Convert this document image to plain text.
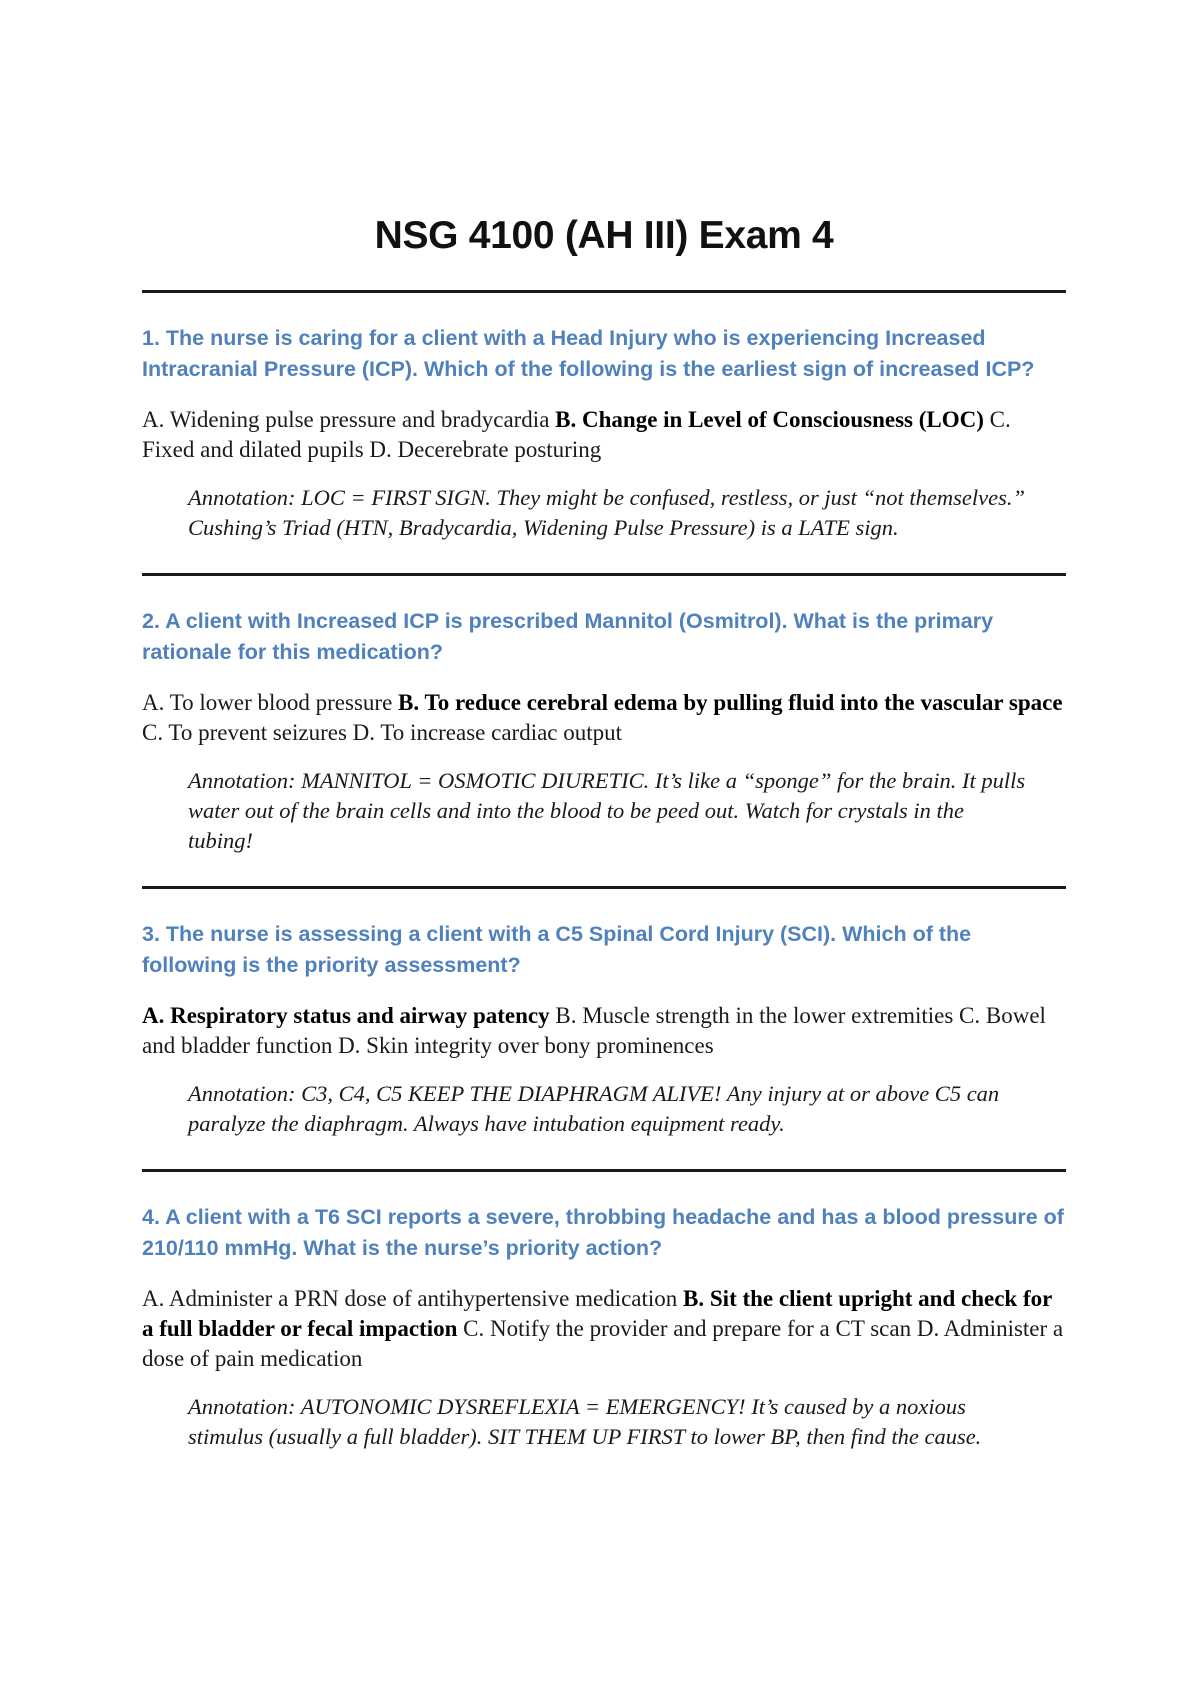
NSG 4100 (AH III) Exam 4

1. The nurse is caring for a client with a Head Injury who is experiencing Increased Intracranial Pressure (ICP). Which of the following is the earliest sign of increased ICP?

A. Widening pulse pressure and bradycardia B. Change in Level of Consciousness (LOC) C. Fixed and dilated pupils D. Decerebrate posturing

Annotation: LOC = FIRST SIGN. They might be confused, restless, or just “not themselves.” Cushing’s Triad (HTN, Bradycardia, Widening Pulse Pressure) is a LATE sign.

2. A client with Increased ICP is prescribed Mannitol (Osmitrol). What is the primary rationale for this medication?

A. To lower blood pressure B. To reduce cerebral edema by pulling fluid into the vascular space C. To prevent seizures D. To increase cardiac output

Annotation: MANNITOL = OSMOTIC DIURETIC. It’s like a “sponge” for the brain. It pulls water out of the brain cells and into the blood to be peed out. Watch for crystals in the tubing!

3. The nurse is assessing a client with a C5 Spinal Cord Injury (SCI). Which of the following is the priority assessment?

A. Respiratory status and airway patency B. Muscle strength in the lower extremities C. Bowel and bladder function D. Skin integrity over bony prominences

Annotation: C3, C4, C5 KEEP THE DIAPHRAGM ALIVE! Any injury at or above C5 can paralyze the diaphragm. Always have intubation equipment ready.

4. A client with a T6 SCI reports a severe, throbbing headache and has a blood pressure of 210/110 mmHg. What is the nurse’s priority action?

A. Administer a PRN dose of antihypertensive medication B. Sit the client upright and check for a full bladder or fecal impaction C. Notify the provider and prepare for a CT scan D. Administer a dose of pain medication

Annotation: AUTONOMIC DYSREFLEXIA = EMERGENCY! It’s caused by a noxious stimulus (usually a full bladder). SIT THEM UP FIRST to lower BP, then find the cause.
